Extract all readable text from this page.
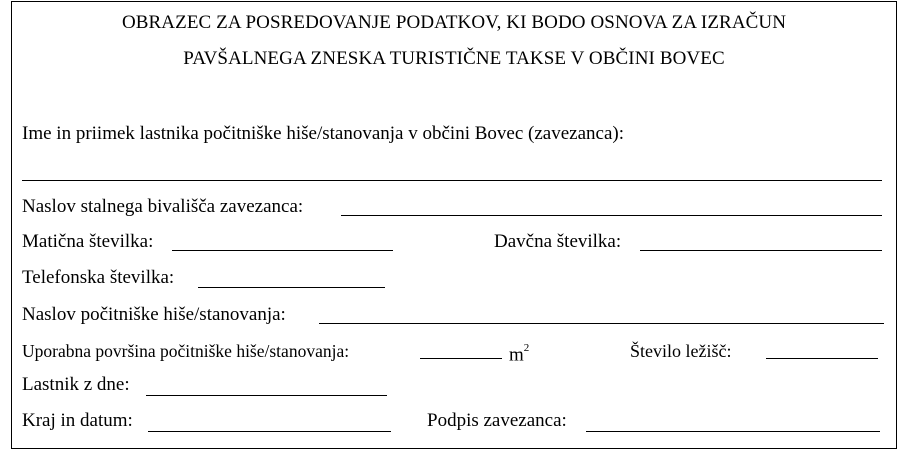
OBRAZEC ZA POSREDOVANJE PODATKOV, KI BODO OSNOVA ZA IZRAČUN
PAVŠALNEGA ZNESKA TURISTIČNE TAKSE V OBČINI BOVEC
Ime in priimek lastnika počitniške hiše/stanovanja v občini Bovec (zavezanca):
Naslov stalnega bivališča zavezanca:
Matična številka:	Davčna številka:
Telefonska številka:
Naslov počitniške hiše/stanovanja:
Uporabna površina počitniške hiše/stanovanja:	$m^2$	Število ležišč:
Lastnik z dne:
Kraj in datum:	Podpis zavezanca:
